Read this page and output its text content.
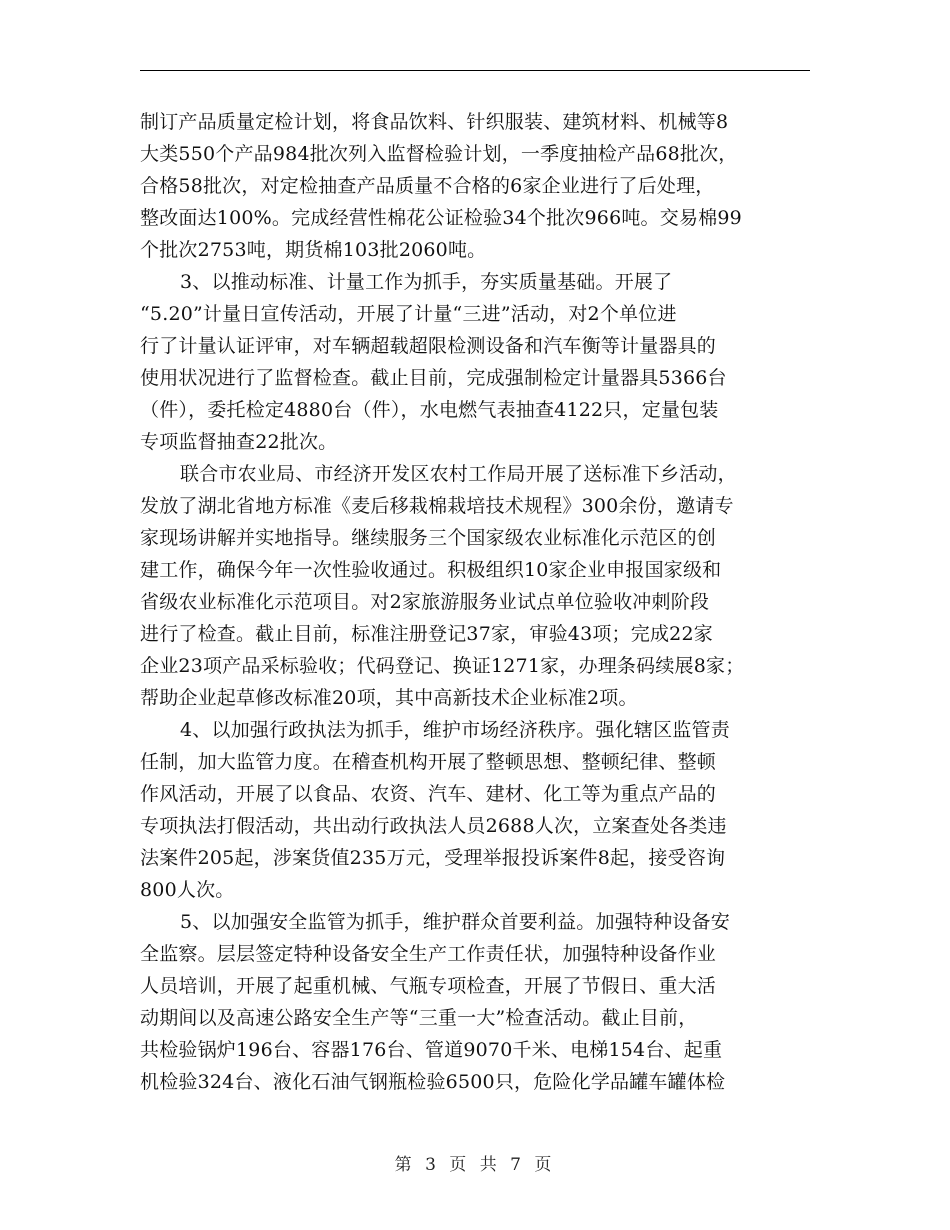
制订产品质量定检计划，将食品饮料、针织服装、建筑材料、机械等8
大类550个产品984批次列入监督检验计划，一季度抽检产品68批次，
合格58批次，对定检抽查产品质量不合格的6家企业进行了后处理，
整改面达100%。完成经营性棉花公证检验34个批次966吨。交易棉99
个批次2753吨，期货棉103批2060吨。
3、以推动标准、计量工作为抓手，夯实质量基础。开展了
“5.20”计量日宣传活动，开展了计量“三进”活动，对2个单位进
行了计量认证评审，对车辆超载超限检测设备和汽车衡等计量器具的
使用状况进行了监督检查。截止目前，完成强制检定计量器具5366台
（件），委托检定4880台（件），水电燃气表抽查4122只，定量包装
专项监督抽查22批次。
联合市农业局、市经济开发区农村工作局开展了送标准下乡活动，
发放了湖北省地方标准《麦后移栽棉栽培技术规程》300余份，邀请专
家现场讲解并实地指导。继续服务三个国家级农业标准化示范区的创
建工作，确保今年一次性验收通过。积极组织10家企业申报国家级和
省级农业标准化示范项目。对2家旅游服务业试点单位验收冲刺阶段
进行了检查。截止目前，标准注册登记37家，审验43项；完成22家
企业23项产品采标验收；代码登记、换证1271家，办理条码续展8家；
帮助企业起草修改标准20项，其中高新技术企业标准2项。
4、以加强行政执法为抓手，维护市场经济秩序。强化辖区监管责
任制，加大监管力度。在稽查机构开展了整顿思想、整顿纪律、整顿
作风活动，开展了以食品、农资、汽车、建材、化工等为重点产品的
专项执法打假活动，共出动行政执法人员2688人次，立案查处各类违
法案件205起，涉案货值235万元，受理举报投诉案件8起，接受咨询
800人次。
5、以加强安全监管为抓手，维护群众首要利益。加强特种设备安
全监察。层层签定特种设备安全生产工作责任状，加强特种设备作业
人员培训，开展了起重机械、气瓶专项检查，开展了节假日、重大活
动期间以及高速公路安全生产等“三重一大”检查活动。截止目前，
共检验锅炉196台、容器176台、管道9070千米、电梯154台、起重
机检验324台、液化石油气钢瓶检验6500只，危险化学品罐车罐体检
第 3 页 共 7 页
